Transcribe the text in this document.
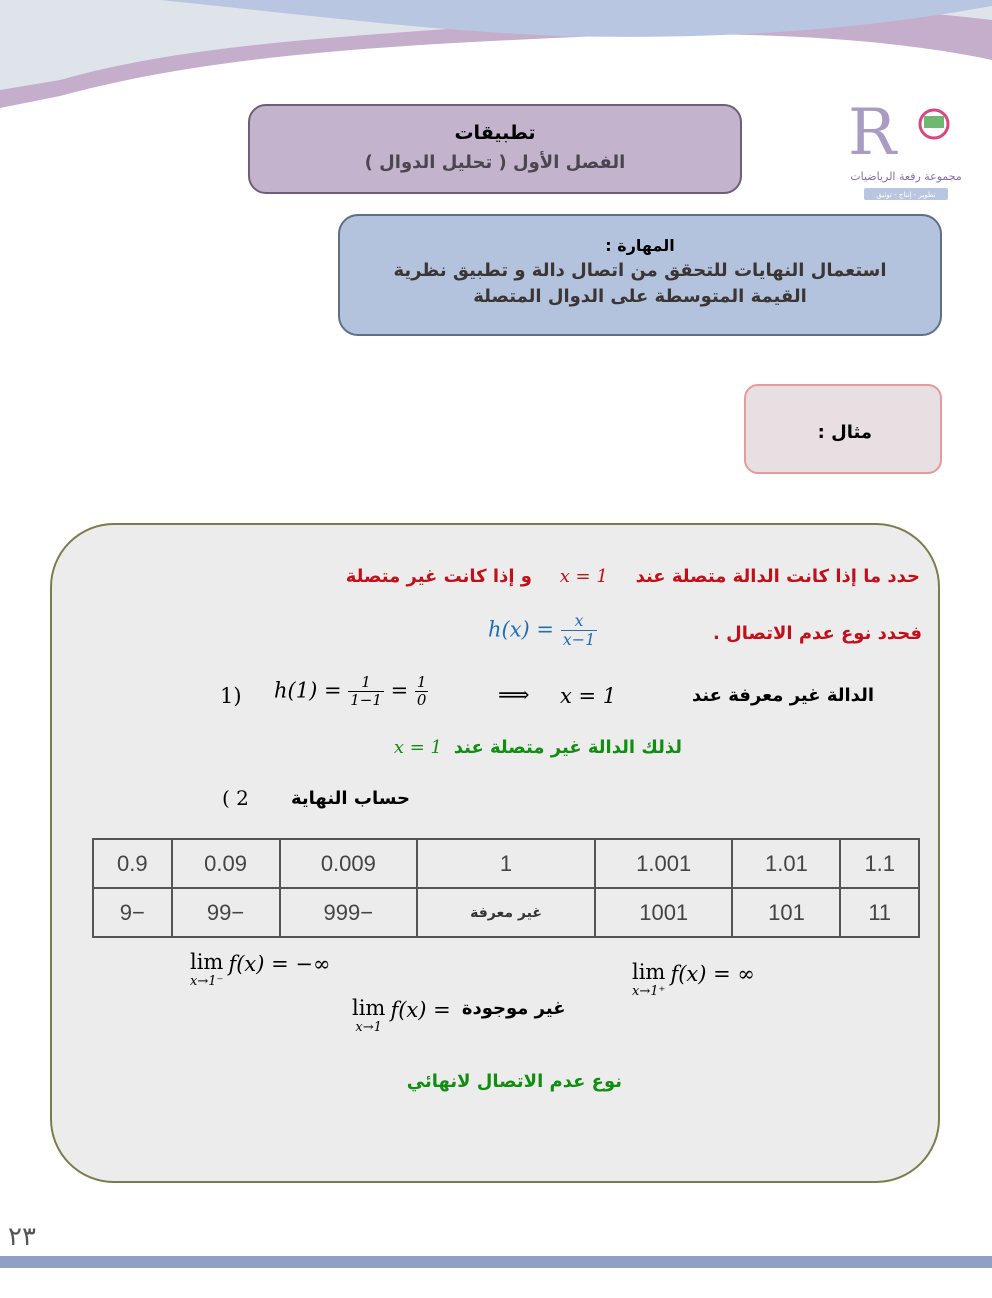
R
مجموعة رفعة الرياضيات
تطوير - إنتاج - توثيق
تطبيقات
الفصل الأول ( تحليل الدوال )
المهارة :
استعمال النهايات للتحقق من اتصال دالة و تطبيق نظرية
القيمة المتوسطة على الدوال المتصلة
مثال :
حدد ما إذا كانت الدالة متصلة عند x = 1 و إذا كانت غير متصلة
فحدد نوع عدم الاتصال .
$h(x) = \frac{x}{x-1}$
1) $h(1) = \frac{1}{1-1} = \frac{1}{0}$	⟹ x = 1	الدالة غير معرفة عند
لذلك الدالة غير متصلة عند x = 1
( 2 حساب النهاية
1.1	1.01	1.001	1	0.009	0.09	0.9
11	101	1001	غير معرفة	−999	−99	−9
lim
x→1⁻
f(x) = −∞	lim
x→1⁺
f(x) = ∞
lim
x→1
f(x) = غير موجودة
نوع عدم الاتصال لانهائي
٢٣
